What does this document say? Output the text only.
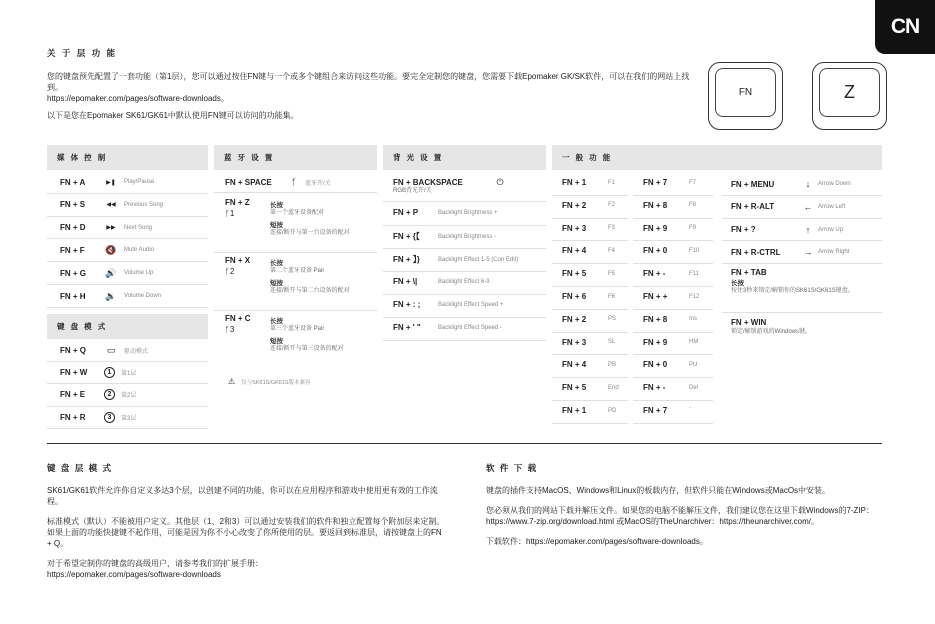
CN
关 于 层 功 能

您的键盘预先配置了一套功能（第1层），您可以通过按住FN键与一个或多个键组合来访问这些功能。要完全定制您的键盘，您需要下载Epomaker GK/SK软件，可以在我们的网站上找到。
https://epomaker.com/pages/software-downloads。

以下是您在Epomaker SK61/GK61中默认使用FN键可以访问的功能集。

FN	Z
媒 体 控 制	蓝 牙 设 置	背 光 设 置	一 般 功 能
键 盘 模 式
FN + A	▶❚	Play/Pause
FN + S	◀◀	Previous Song
FN + D	▶▶	Next Song
FN + F	🔇 Mute Audio
FN + G	🔊 Volume Up
FN + H	🔉 Volume Down
FN + Q	▭	驱动模式
FN + W	1	第1层
FN + E	2	第2层
FN + R	3	第3层
FN + SPACE	ᚶ	蓝牙开/关
FN + Z
ᚶ1
长按
第一个蓝牙设备配对
短按
连接/断开与第一台设备的配对
FN + X
ᚶ2
长按
第二个蓝牙设备 Pair
短按
连接/断开与第二台设备的配对
FN + C
ᚶ3
长按
第三个蓝牙设备 Pair
短按
连接/断开与第三设备的配对
⚠ 仅与SK61S/GK61S版本兼容
RGB背光开/关
FN + BACKSPACE	⏻
FN + P	Backlight Brightness +
FN + {【	Backlight Brightness -
FN + 】}	Backlight Effect 1-5 (Con Edit)
FN + \|	Backlight Effect 6-9
FN + : ;	Backlight Effect Speed +
FN + ' "	Backlight Effect Speed -
FN + 1	F1
FN + 2	F2
FN + 3	F3
FN + 4	F4
FN + 5	F5
FN + 6	F6
FN + 2	PS
FN + 3	SL
FN + 4	PB
FN + 5	End
FN + 1	PD
FN + 7	F7
FN + 8	F8
FN + 9	F9
FN + 0	F10
FN + -	F11
FN + +	F12
FN + 8	Ins
FN + 9	HM
FN + 0	PU
FN + -	Del
FN + 7	`
FN + MENU	↓	Arrow Down
FN + R-ALT	← Arrow Left
FN + ?	↑	Arrow Up
FN + R-CTRL	→ Arrow Right
FN + TAB
长按
按住3秒来锁定/解锁你的SK61S/GK61S键盘。
FN + WIN
锁定/解锁游戏的Windows键。
键 盘 层 模 式

SK61/GK61软件允许你自定义多达3个层，以创建不同的功能，你可以在应用程序和游戏中使用更有效的工作流程。

标准模式（默认）不能被用户定义。其他层（1、2和3）可以通过安装我们的软件和独立配置每个附加层来定制。如果上面的功能快捷键不起作用，可能是因为你不小心改变了你所使用的层。要返回到标准层，请按键盘上的FN + Q。

对于希望定制你的键盘的高级用户，请参考我们的扩展手册：
https://epomaker.com/pages/software-downloads

软 件 下 载

键盘的插件支持MacOS、Windows和Linux的板载内存，但软件只能在Windows或MacOs中安装。

您必须从我们的网站下载并解压文件。如果您的电脑不能解压文件，我们建议您在这里下载Windows的7-ZIP：https://www.7-zip.org/download.html 或MacOS的TheUnarchiver：https://theunarchiver.com/。

下载软件：https://epomaker.com/pages/software-downloads。
